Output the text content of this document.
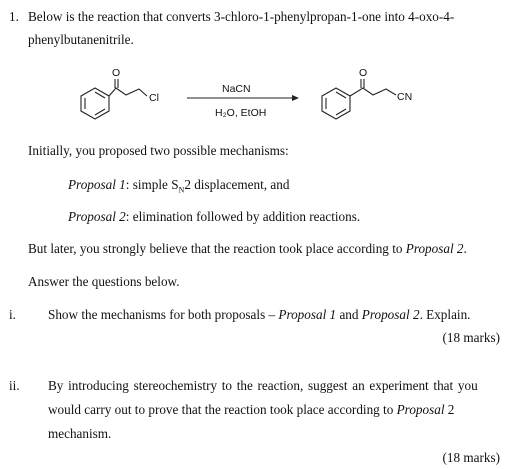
1. Below is the reaction that converts 3-chloro-1-phenylpropan-1-one into 4-oxo-4-
phenylbutanenitrile.
O
Cl
O
CN
NaCN
H₂O, EtOH
Initially, you proposed two possible mechanisms:
Proposal 1: simple $S_N2$ displacement, and
Proposal 2: elimination followed by addition reactions.
But later, you strongly believe that the reaction took place according to Proposal 2.
Answer the questions below.
i. Show the mechanisms for both proposals – Proposal 1 and Proposal 2. Explain.
(18 marks)
ii. By introducing stereochemistry to the reaction, suggest an experiment that you
would carry out to prove that the reaction took place according to Proposal 2
mechanism.
(18 marks)
